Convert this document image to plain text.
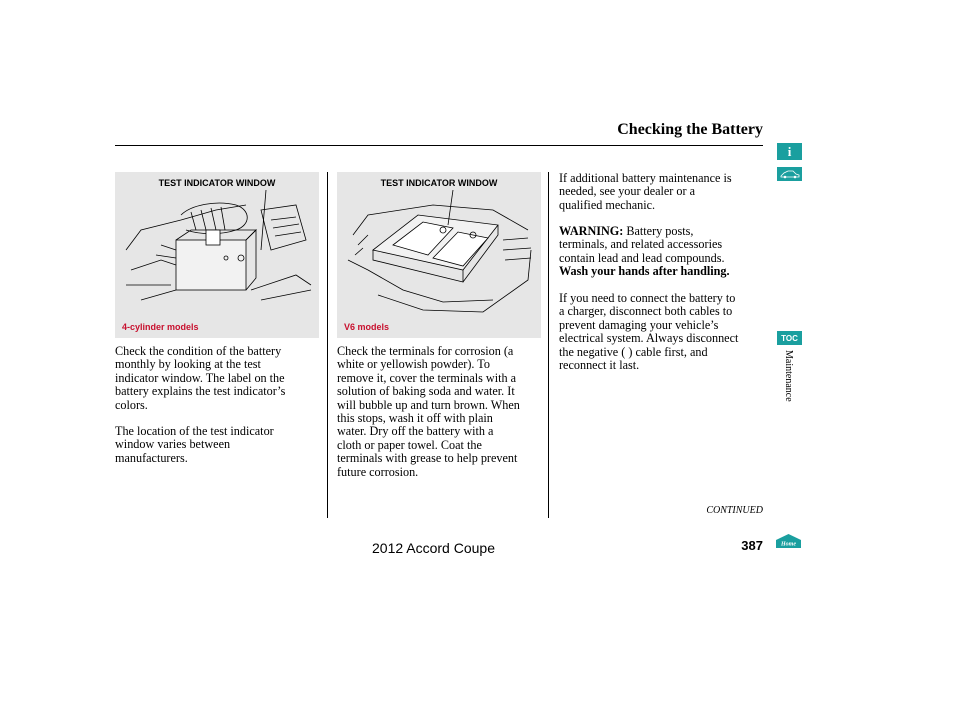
Checking the Battery
TEST INDICATOR WINDOW
4-cylinder models
TEST INDICATOR WINDOW
V6 models
Check the condition of the battery
monthly by looking at the test
indicator window. The label on the
battery explains the test indicator’s
colors.
The location of the test indicator
window varies between
manufacturers.
Check the terminals for corrosion (a
white or yellowish powder). To
remove it, cover the terminals with a
solution of baking soda and water. It
will bubble up and turn brown. When
this stops, wash it off with plain
water. Dry off the battery with a
cloth or paper towel. Coat the
terminals with grease to help prevent
future corrosion.
If additional battery maintenance is
needed, see your dealer or a
qualified mechanic.
WARNING: Battery posts,
terminals, and related accessories
contain lead and lead compounds.
Wash your hands after handling.
If you need to connect the battery to
a charger, disconnect both cables to
prevent damaging your vehicle’s
electrical system. Always disconnect
the negative ( ) cable first, and
reconnect it last.
CONTINUED
2012 Accord Coupe	387
i
TOC
Maintenance
Home
